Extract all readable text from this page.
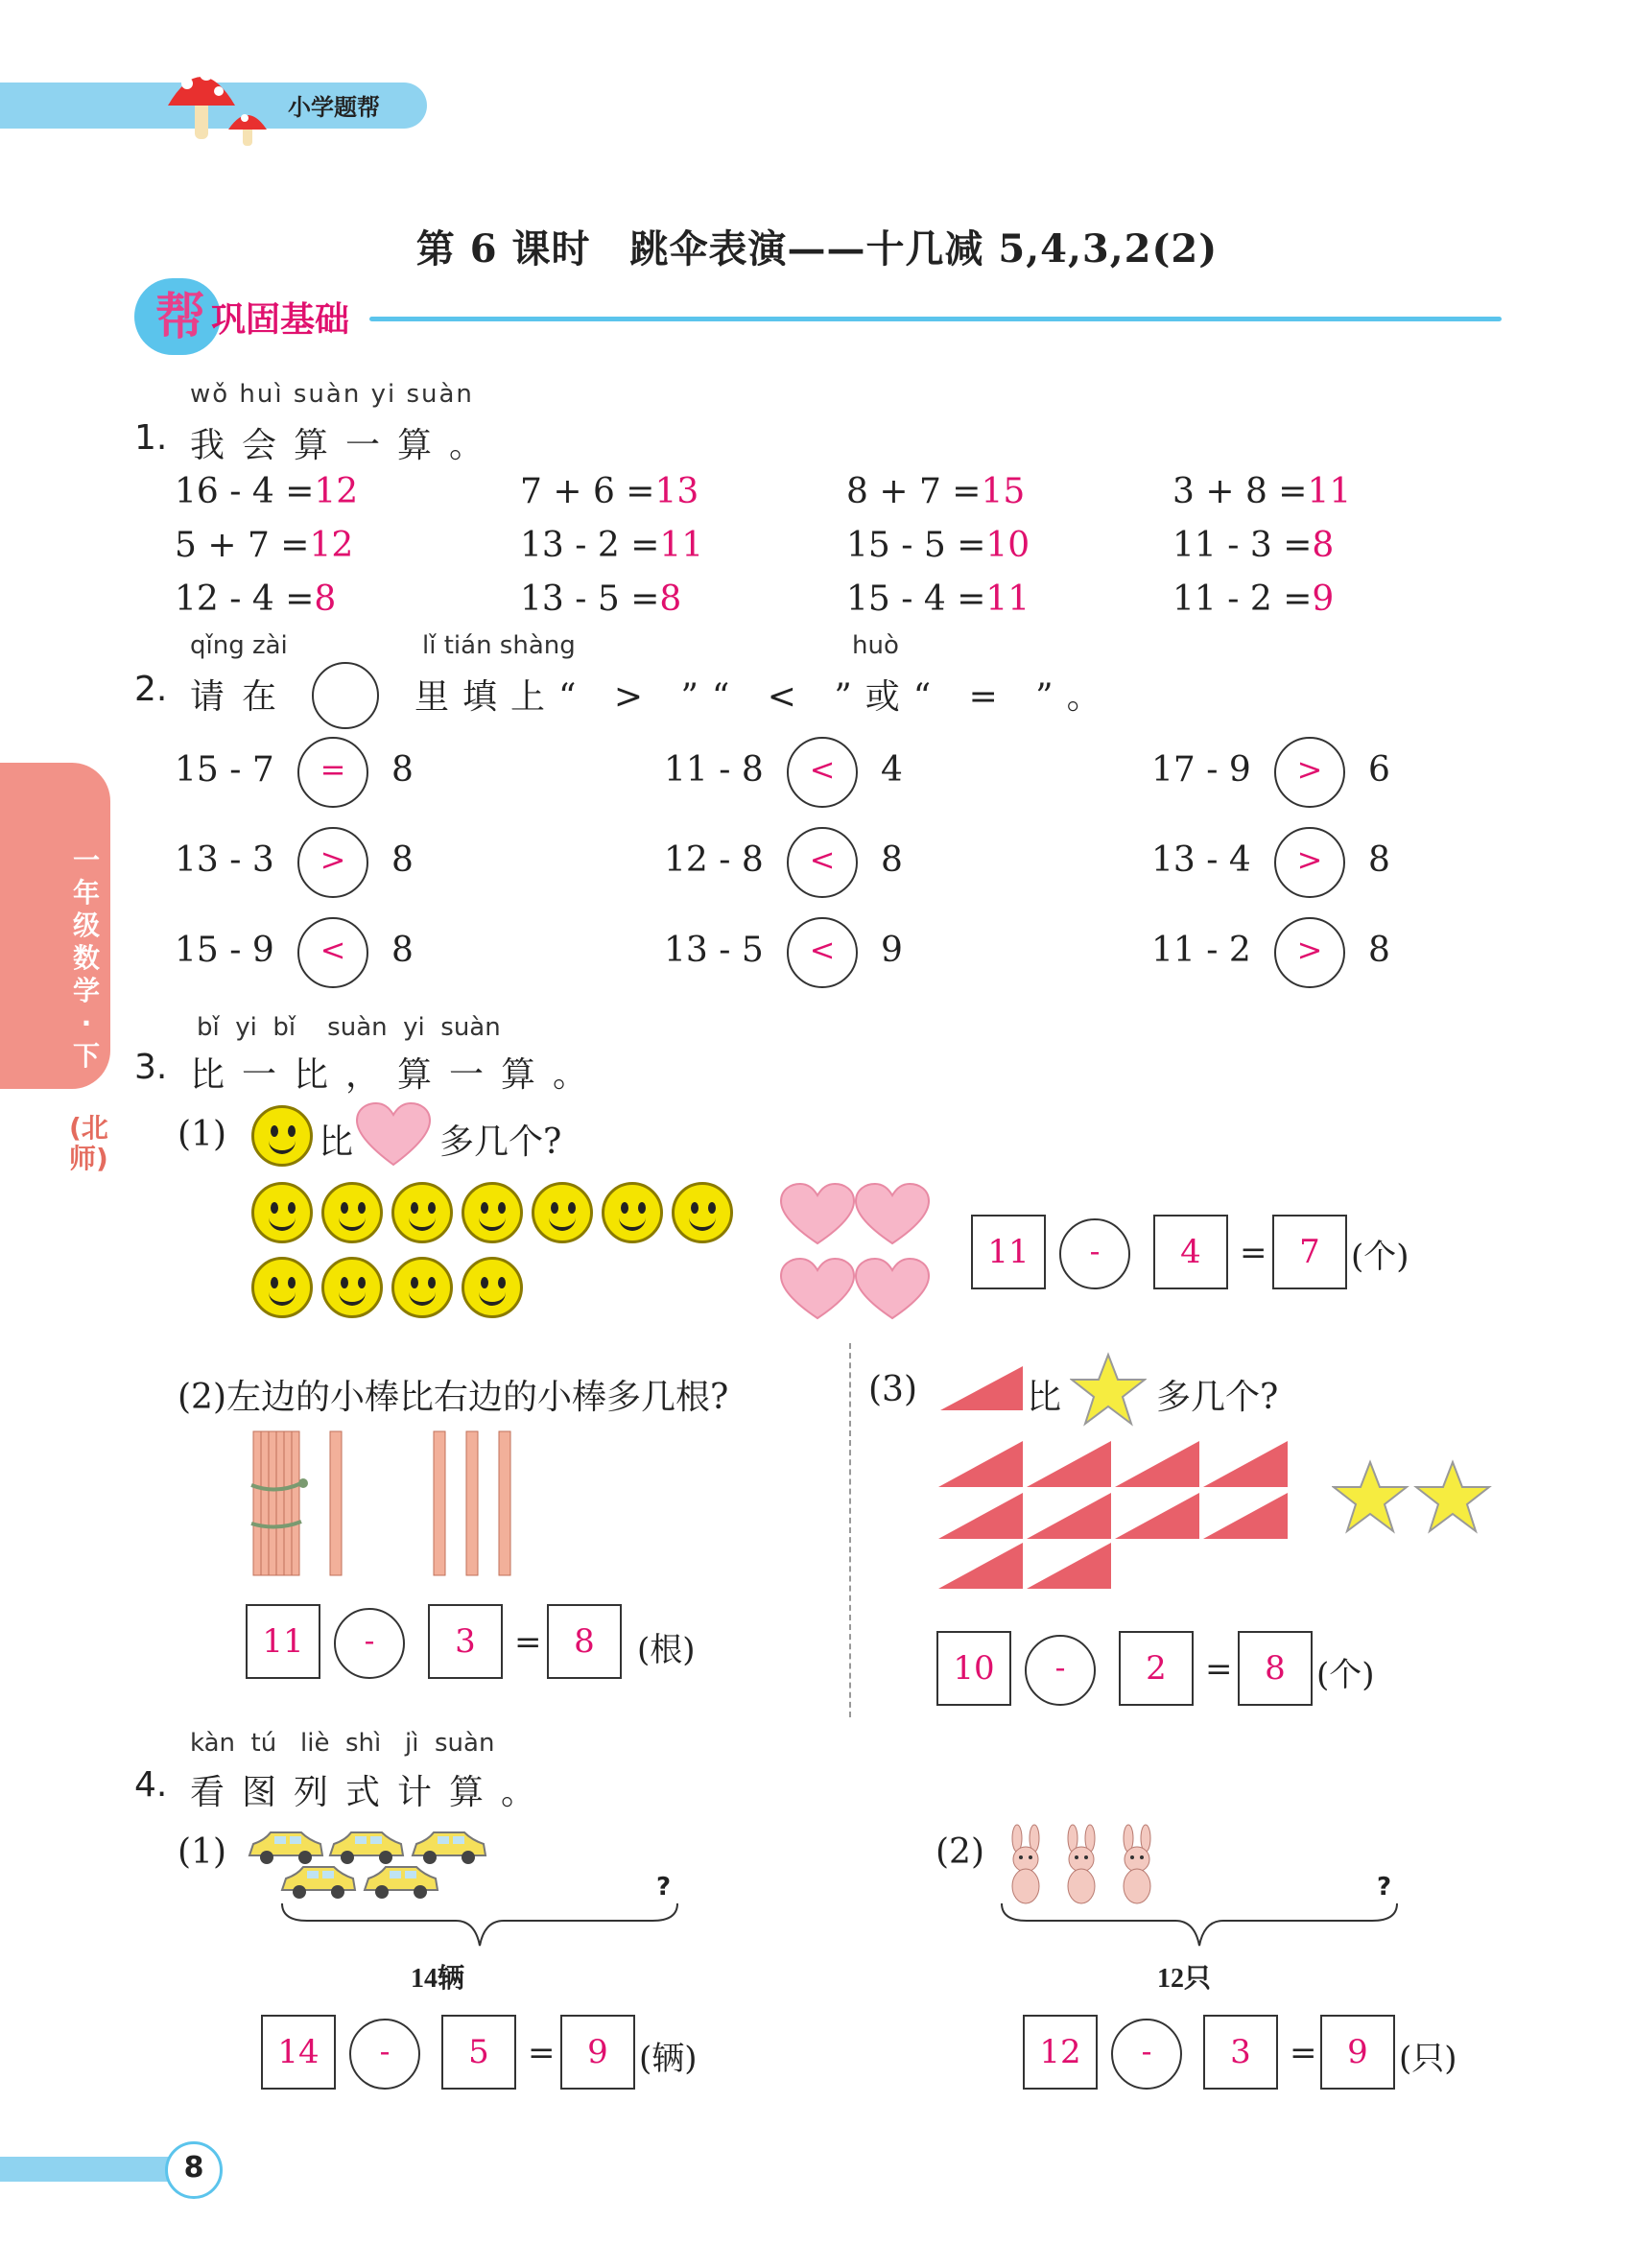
小学题帮
第 6 课时　跳伞表演——十几减 5,4,3,2(2)
帮 巩固基础
一年级数学·下
(北师)
wǒ huì suàn yi suàn
1. 我会算一算。
16 - 4 =12	7 + 6 =13	8 + 7 =15	3 + 8 =11
5 + 7 =12	13 - 2 =11	15 - 5 =10	11 - 3 =8
12 - 4 =8	13 - 5 =8	15 - 4 =11	11 - 2 =9
qǐng zài	lǐ tián shàng	huò
2. 请在	里填上“ > ”“ < ”或“ = ”。
15 - 7	=	8	11 - 8	<	4	17 - 9	>	6
13 - 3	>	8	12 - 8	<	8	13 - 4	>	8
15 - 9	<	8	13 - 5	<	9	11 - 2	>	8
bǐ  yi  bǐ    suàn  yi  suàn
3. 比一比，算一算。
(1)	比 多几个?
11	-	4	= 7 (个)
(2)左边的小棒比右边的小棒多几根?
11	-	3	= 8	(根)
(3)	比	多几个?
10	-	2	= 8 (个)
kàn  tú   liè  shì   jì  suàn
4. 看图列式计算。
(1)
?
14辆
14	-	5	= 9 (辆)
(2)
?
12只
12	-	3	= 9 (只)
8
